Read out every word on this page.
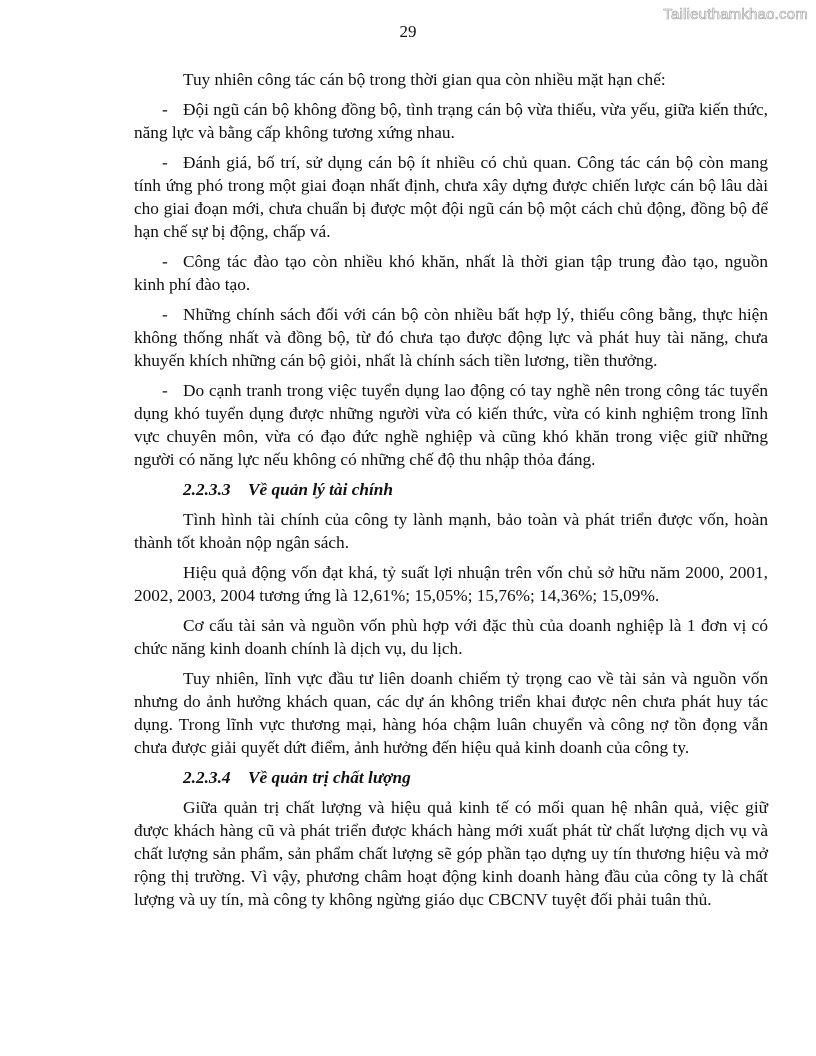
Tailieuthamkhao.com
29

Tuy nhiên công tác cán bộ trong thời gian qua còn nhiều mặt hạn chế:

- Đội ngũ cán bộ không đồng bộ, tình trạng cán bộ vừa thiếu, vừa yếu, giữa kiến thức, năng lực và bằng cấp không tương xứng nhau.

- Đánh giá, bố trí, sử dụng cán bộ ít nhiều có chủ quan. Công tác cán bộ còn mang tính ứng phó trong một giai đoạn nhất định, chưa xây dựng được chiến lược cán bộ lâu dài cho giai đoạn mới, chưa chuẩn bị được một đội ngũ cán bộ một cách chủ động, đồng bộ để hạn chế sự bị động, chấp vá.

- Công tác đào tạo còn nhiều khó khăn, nhất là thời gian tập trung đào tạo, nguồn kinh phí đào tạo.

- Những chính sách đối với cán bộ còn nhiều bất hợp lý, thiếu công bằng, thực hiện không thống nhất và đồng bộ, từ đó chưa tạo được động lực và phát huy tài năng, chưa khuyến khích những cán bộ giỏi, nhất là chính sách tiền lương, tiền thưởng.

- Do cạnh tranh trong việc tuyển dụng lao động có tay nghề nên trong công tác tuyển dụng khó tuyển dụng được những người vừa có kiến thức, vừa có kinh nghiệm trong lĩnh vực chuyên môn, vừa có đạo đức nghề nghiệp và cũng khó khăn trong việc giữ những người có năng lực nếu không có những chế độ thu nhập thỏa đáng.

2.2.3.3 Về quản lý tài chính

Tình hình tài chính của công ty lành mạnh, bảo toàn và phát triển được vốn, hoàn thành tốt khoản nộp ngân sách.

Hiệu quả động vốn đạt khá, tỷ suất lợi nhuận trên vốn chủ sở hữu năm 2000, 2001, 2002, 2003, 2004 tương ứng là 12,61%; 15,05%; 15,76%; 14,36%; 15,09%.

Cơ cấu tài sản và nguồn vốn phù hợp với đặc thù của doanh nghiệp là 1 đơn vị có chức năng kinh doanh chính là dịch vụ, du lịch.

Tuy nhiên, lĩnh vực đầu tư liên doanh chiếm tỷ trọng cao về tài sản và nguồn vốn nhưng do ảnh hưởng khách quan, các dự án không triển khai được nên chưa phát huy tác dụng. Trong lĩnh vực thương mại, hàng hóa chậm luân chuyển và công nợ tồn đọng vẫn chưa được giải quyết dứt điểm, ảnh hưởng đến hiệu quả kinh doanh của công ty.

2.2.3.4 Về quản trị chất lượng

Giữa quản trị chất lượng và hiệu quả kinh tế có mối quan hệ nhân quả, việc giữ được khách hàng cũ và phát triển được khách hàng mới xuất phát từ chất lượng dịch vụ và chất lượng sản phẩm, sản phẩm chất lượng sẽ góp phần tạo dựng uy tín thương hiệu và mở rộng thị trường. Vì vậy, phương châm hoạt động kinh doanh hàng đầu của công ty là chất lượng và uy tín, mà công ty không ngừng giáo dục CBCNV tuyệt đối phải tuân thủ.
